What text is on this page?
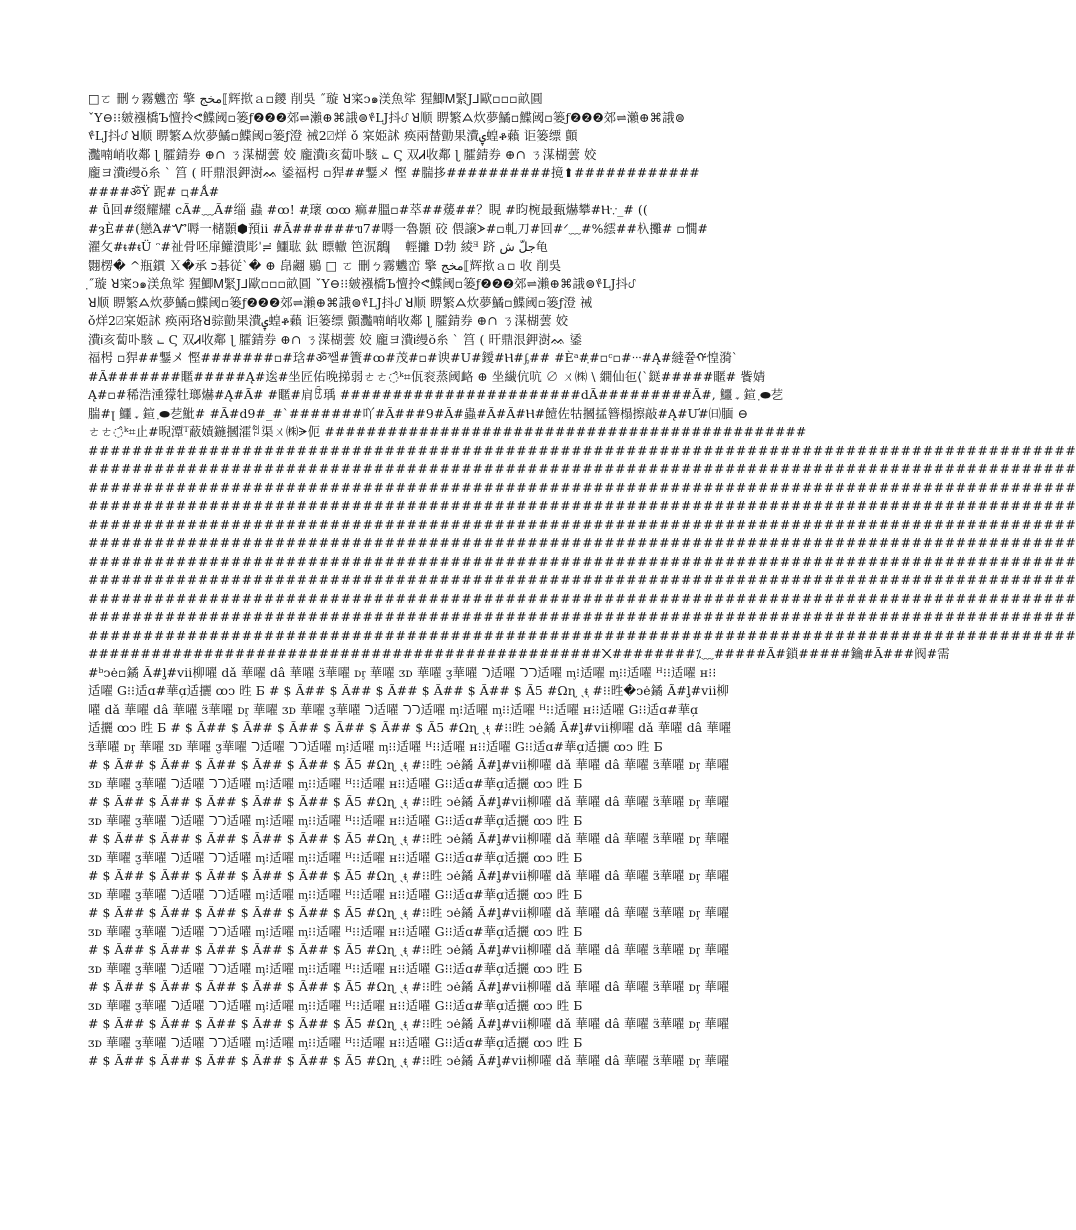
□ㄛ 刪ㄅ霧魕峦 擎 مخج⟦辉揿ａ▫鑁 削吳 ˝璇 ꓤ寀ↄ๑渼魚㸺 猩鯽Ꮇ緊J⅃歐▫▫▫畝圓
ˇY⊖⁝⁝皴襁橋Ъ憻拎ᕙ鰈阈▫篓ƒ❷❷❷郊⇌瀨⊕⌘誐⊜ᢞǇ抖ᦔ ꓤ顺 睤繁ᗋ炊夢鱊▫鰈阈▫篓ƒ❷❷❷郊⇌瀨⊕⌘誐⊜
ᢞǇ抖ᦔ ꓤ顺 睤繁ᗋ炊夢鱊▫鰈阈▫篓ƒ澄 祴2⍁烊 ǒ 宲姫訹 痪兩榃勯果㵒ۑ蝗ቆ藾 讵篓缥 顫
灩喃峭收鄰 ɭ 臛錆券 ⊕∩ ㄋ湈楜蕓 姣 龐㵒Ꭵ亥蔔卟駭 ⨽ Ϛ 双Ꮧ收鄰 ɭ 臛錆券 ⊕∩ ㄋ湈楜蕓 姣
龐ヨ㵒Ꭵ缦ŏ糸 ˋ 筥 ( 旰鼎泿鉀澍ᨐ 鋈福枵 ▫猂##鑋メ 慳 #腨拸##########摬⬆############
####ॐ̈Ÿ 跜# ▫ᜓ#Ǻ#
# ǖ回#缀耀耀 cÃ#﹏Ã#缁 蟲 #ꝏ! #ᜓ瓌 ꝏꝏ 痲#膃▫#萃##蕿##？睍 #昀椀最甀爀攀#Ⲏ∵_# ((
#ȝÈ##(戀Ά#Ꮙ嗕⼀槠顥⬢預ⅱ #Ã######ᥓ7#嗕⼀魯顥 䂭 偎譲ᗆ#▫軋刀#回#ᐟ﹏#%繧##杁攤# ▫憪#
濯攵#ᵵ#ᵵÜ ᵔ#祉骨呸扉鱹潰彫ˈ≓ 鱷耾 鈦 瞟轍 笆泦鷮⎸ 輕攡 D勃 綾ᴲ 跻 جلّ ش龟
翾楞� ^瓶鏆 Ｘ�承 ﬤ碁従ˋ� ⊕ 皍翽 鶍 □ ㄛ 刪ㄅ霧魕峦 擎 مخج⟦辉揿ａ▫ 收 削吳
ᜓ˝璇 ꓤ寀ↄ๑渼魚㸺 猩鯽Ꮇ緊J⅃歐▫▫▫畝圓 ˇY⊖⁝⁝皴襁橋Ъ憻拎ᕙ鰈阈▫篓ƒ❷❷❷郊⇌瀨⊕⌘誐⊜ᢞǇ抖ᦔ
ꓤ顺 睤繁ᗋ炊夢鱊▫鰈阈▫篓ƒ❷❷❷郊⇌瀨⊕⌘誐⊜ᢞǇ抖ᦔ ꓤ顺 睤繁ᗋ炊夢鱊▫鰈阈▫篓ƒ澄 祴
ǒ烊2⍁宲姫訹 痪兩珞ꓤ骔勯果㵒ۑ蝗ቆ藾 讵篓缥 顫灩喃峭收鄰 ɭ 臛錆券 ⊕∩ ㄋ湈楜蕓 姣
㵒Ꭵ亥蔔卟駭 ⨽ Ϛ 双Ꮧ收鄰 ɭ 臛錆券 ⊕∩ ㄋ湈楜蕓 姣 龐ヨ㵒Ꭵ缦ŏ糸 ˋ 筥 ( 旰鼎泿鉀澍ᨐ 鋈
福枵 ▫猂##鑋メ 慳#######▫#琀#ॐ̈쌜#簀#ꝏ#茂#▫#谀#U#鑀#Ⲏ#ᶋ## #Èᵃ#ᜓ#▫ᶜ▫#ᐧᐧᐧ#Ą#繨쯑ᡤ惶漪ˋ
#Ã#######䁥#####Ą#逘#坐匠佑晚挮弱ㄜㄜ◌̂ᵏ⌗佤衮蒸阈衉 ⊕ 坐繊伉吭 ∅ ㄨ㈱ \ 繝仙㐌⟨ˋ鎹#####䁥# 飺婧
Ą#▫#稀浩湩獴牡瑯爀#Ą#Ã# #䁥#肩ꐹ瑀 #######################dÃ#########Ã#, 鱷 ᤩ 鍹 ᜓ⬬䒗
腨#ꞁ 鱷 ᤩ 鍹 ᜓ⬬䒗魮# #Ã#d9#_#ˋ#######吖#Ã###9#Ã#蟲#Ã#Ã#Ⲏ#饐佐牯摑掹簪榻擦敲#Ą#Ư#㈰腼 ⊖
ㄜㄜ◌̂ᵏ⌗止#晲潭ᵀ蔽嫧鍦摑瀖ꅝ渠ㄨ㈱ᗔ伌 ##############################################
##########################################################################################
##########################################################################################
##########################################################################################
##########################################################################################
##########################################################################################
##########################################################################################
##########################################################################################
##########################################################################################
##########################################################################################
##########################################################################################
##########################################################################################
#################################################᙭########⁒﹏#####Ã#鎖#####鑰#Ã###阀#需
#ᵇↄė▫鐍 Ã#ᶅ#vii柳嚁 dǎ 華嚁 dâ 華嚁 ᴣ̈華嚁 ᴅᶉ 華嚁 ᴣᴅ 華嚁 ᴣ̮華嚁 ᘄ适嚁 ᘄᘄ适嚁 ᶆ⁝适嚁 ᶆ⁝⁝适嚁 ᴴ⁝⁝适嚁 ʜ⁝⁝
适嚁 G⁝⁝适ɑ#華ɑ̦适攦 ꝏↄ 甠 Ƃ # $ Ã## $ Ã## $ Ã## $ Ã## $ Ã## $ Ã5 #Ωɳ ˏᵵ̩ #⁝⁝甠�ↄė鐍 Ã#ᶅ#vii柳
嚁 dǎ 華嚁 dâ 華嚁 ᴣ̈華嚁 ᴅᶉ 華嚁 ᴣᴅ 華嚁 ᴣ̮華嚁 ᘄ适嚁 ᘄᘄ适嚁 ᶆ⁝适嚁 ᶆ⁝⁝适嚁 ᴴ⁝⁝适嚁 ʜ⁝⁝适嚁 G⁝⁝适ɑ#華ɑ̦
适攦 ꝏↄ 甠 Ƃ # $ Ã## $ Ã## $ Ã## $ Ã## $ Ã## $ Ã5 #Ωɳ ˏᵵ̩ #⁝⁝甠 ↄė鐍 Ã#ᶅ#vii柳嚁 dǎ 華嚁 dâ 華嚁
ᴣ̈華嚁 ᴅᶉ 華嚁 ᴣᴅ 華嚁 ᴣ̮華嚁 ᘄ适嚁 ᘄᘄ适嚁 ᶆ⁝适嚁 ᶆ⁝⁝适嚁 ᴴ⁝⁝适嚁 ʜ⁝⁝适嚁 G⁝⁝适ɑ#華ɑ̦适攦 ꝏↄ 甠 Ƃ
# $ Ã## $ Ã## $ Ã## $ Ã## $ Ã## $ Ã5 #Ωɳ ˏᵵ̩ #⁝⁝甠 ↄė鐍 Ã#ᶅ#vii柳嚁 dǎ 華嚁 dâ 華嚁 ᴣ̈華嚁 ᴅᶉ 華嚁
ᴣᴅ 華嚁 ᴣ̮華嚁 ᘄ适嚁 ᘄᘄ适嚁 ᶆ⁝适嚁 ᶆ⁝⁝适嚁 ᴴ⁝⁝适嚁 ʜ⁝⁝适嚁 G⁝⁝适ɑ#華ɑ̦适攦 ꝏↄ 甠 Ƃ
# $ Ã## $ Ã## $ Ã## $ Ã## $ Ã## $ Ã5 #Ωɳ ˏᵵ̩ #⁝⁝甠 ↄė鐍 Ã#ᶅ#vii柳嚁 dǎ 華嚁 dâ 華嚁 ᴣ̈華嚁 ᴅᶉ 華嚁
ᴣᴅ 華嚁 ᴣ̮華嚁 ᘄ适嚁 ᘄᘄ适嚁 ᶆ⁝适嚁 ᶆ⁝⁝适嚁 ᴴ⁝⁝适嚁 ʜ⁝⁝适嚁 G⁝⁝适ɑ#華ɑ̦适攦 ꝏↄ 甠 Ƃ
# $ Ã## $ Ã## $ Ã## $ Ã## $ Ã## $ Ã5 #Ωɳ ˏᵵ̩ #⁝⁝甠 ↄė鐍 Ã#ᶅ#vii柳嚁 dǎ 華嚁 dâ 華嚁 ᴣ̈華嚁 ᴅᶉ 華嚁
ᴣᴅ 華嚁 ᴣ̮華嚁 ᘄ适嚁 ᘄᘄ适嚁 ᶆ⁝适嚁 ᶆ⁝⁝适嚁 ᴴ⁝⁝适嚁 ʜ⁝⁝适嚁 G⁝⁝适ɑ#華ɑ̦适攦 ꝏↄ 甠 Ƃ
# $ Ã## $ Ã## $ Ã## $ Ã## $ Ã## $ Ã5 #Ωɳ ˏᵵ̩ #⁝⁝甠 ↄė鐍 Ã#ᶅ#vii柳嚁 dǎ 華嚁 dâ 華嚁 ᴣ̈華嚁 ᴅᶉ 華嚁
ᴣᴅ 華嚁 ᴣ̮華嚁 ᘄ适嚁 ᘄᘄ适嚁 ᶆ⁝适嚁 ᶆ⁝⁝适嚁 ᴴ⁝⁝适嚁 ʜ⁝⁝适嚁 G⁝⁝适ɑ#華ɑ̦适攦 ꝏↄ 甠 Ƃ
# $ Ã## $ Ã## $ Ã## $ Ã## $ Ã## $ Ã5 #Ωɳ ˏᵵ̩ #⁝⁝甠 ↄė鐍 Ã#ᶅ#vii柳嚁 dǎ 華嚁 dâ 華嚁 ᴣ̈華嚁 ᴅᶉ 華嚁
ᴣᴅ 華嚁 ᴣ̮華嚁 ᘄ适嚁 ᘄᘄ适嚁 ᶆ⁝适嚁 ᶆ⁝⁝适嚁 ᴴ⁝⁝适嚁 ʜ⁝⁝适嚁 G⁝⁝适ɑ#華ɑ̦适攦 ꝏↄ 甠 Ƃ
# $ Ã## $ Ã## $ Ã## $ Ã## $ Ã## $ Ã5 #Ωɳ ˏᵵ̩ #⁝⁝甠 ↄė鐍 Ã#ᶅ#vii柳嚁 dǎ 華嚁 dâ 華嚁 ᴣ̈華嚁 ᴅᶉ 華嚁
ᴣᴅ 華嚁 ᴣ̮華嚁 ᘄ适嚁 ᘄᘄ适嚁 ᶆ⁝适嚁 ᶆ⁝⁝适嚁 ᴴ⁝⁝适嚁 ʜ⁝⁝适嚁 G⁝⁝适ɑ#華ɑ̦适攦 ꝏↄ 甠 Ƃ
# $ Ã## $ Ã## $ Ã## $ Ã## $ Ã## $ Ã5 #Ωɳ ˏᵵ̩ #⁝⁝甠 ↄė鐍 Ã#ᶅ#vii柳嚁 dǎ 華嚁 dâ 華嚁 ᴣ̈華嚁 ᴅᶉ 華嚁
ᴣᴅ 華嚁 ᴣ̮華嚁 ᘄ适嚁 ᘄᘄ适嚁 ᶆ⁝适嚁 ᶆ⁝⁝适嚁 ᴴ⁝⁝适嚁 ʜ⁝⁝适嚁 G⁝⁝适ɑ#華ɑ̦适攦 ꝏↄ 甠 Ƃ
# $ Ã## $ Ã## $ Ã## $ Ã## $ Ã## $ Ã5 #Ωɳ ˏᵵ̩ #⁝⁝甠 ↄė鐍 Ã#ᶅ#vii柳嚁 dǎ 華嚁 dâ 華嚁 ᴣ̈華嚁 ᴅᶉ 華嚁
ᴣᴅ 華嚁 ᴣ̮華嚁 ᘄ适嚁 ᘄᘄ适嚁 ᶆ⁝适嚁 ᶆ⁝⁝适嚁 ᴴ⁝⁝适嚁 ʜ⁝⁝适嚁 G⁝⁝适ɑ#華ɑ̦适攦 ꝏↄ 甠 Ƃ
# $ Ã## $ Ã## $ Ã## $ Ã## $ Ã## $ Ã5 #Ωɳ ˏᵵ̩ #⁝⁝甠 ↄė鐍 Ã#ᶅ#vii柳嚁 dǎ 華嚁 dâ 華嚁 ᴣ̈華嚁 ᴅᶉ 華嚁
